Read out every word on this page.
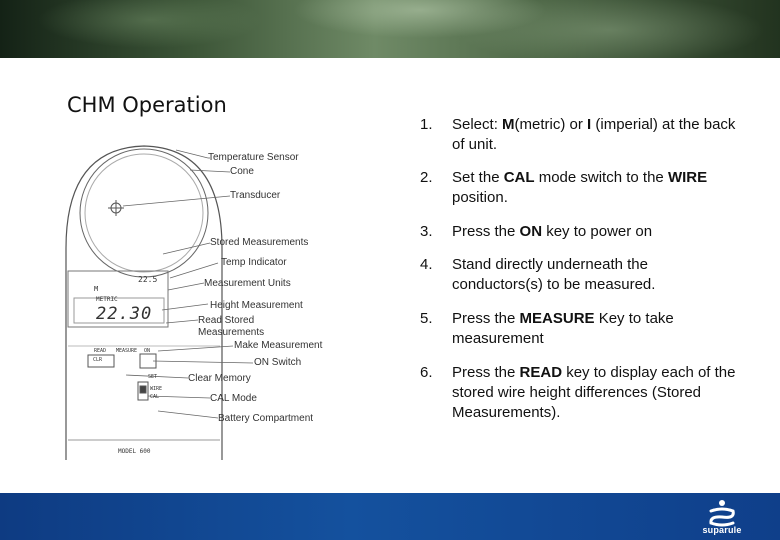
CHM Operation
Temperature Sensor
Cone
Transducer
Stored Measurements
Temp Indicator
Measurement Units
Height Measurement
Read Stored
Measurements
Make Measurement
ON Switch
Clear Memory
CAL Mode
Battery Compartment
22.5
M
METRIC
22.30
READ MEASURE ON
CLR
SET
WIRE
CAL
MODEL 600
1.	Select: M(metric) or I (imperial) at the back of unit.
2.	Set the CAL mode switch to the WIRE position.
3.	Press the ON key to power on
4.	Stand directly underneath the conductors(s) to be measured.
5.	Press the MEASURE Key to take measurement
6.	Press the READ key to display each of the stored wire height differences (Stored Measurements).
suparule
